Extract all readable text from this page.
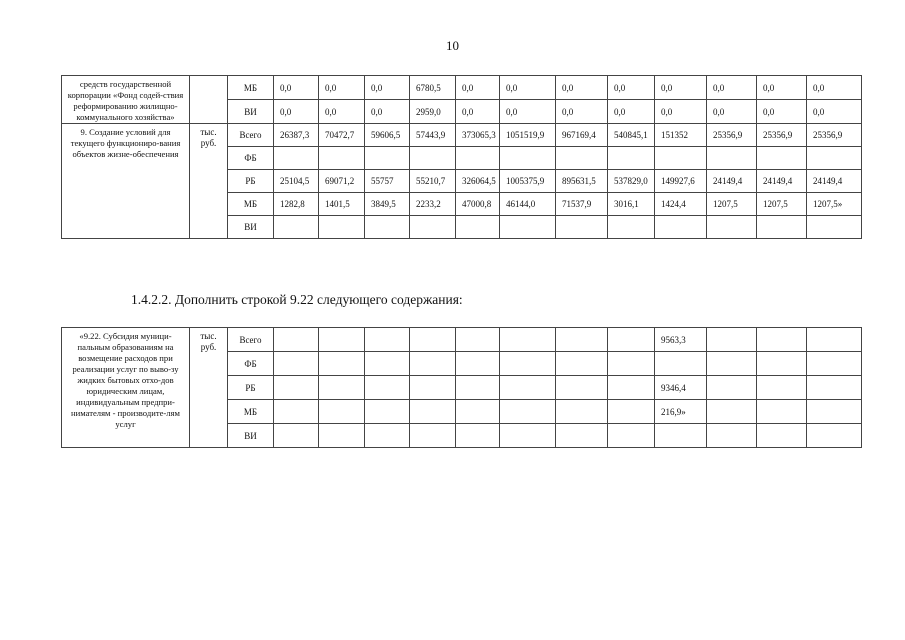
10
средств государственной корпорации «Фонд содей-ствия реформированию жилищно-коммунального хозяйства»		МБ	0,0	0,0	0,0	6780,5	0,0	0,0	0,0	0,0	0,0	0,0	0,0	0,0
		ВИ	0,0	0,0	0,0	2959,0	0,0	0,0	0,0	0,0	0,0	0,0	0,0	0,0
9. Создание условий для текущего функциониро-вания объектов жизне-обеспечения	тыс. руб.	Всего	26387,3	70472,7	59606,5	57443,9	373065,3	1051519,9	967169,4	540845,1	151352	25356,9	25356,9	25356,9
		ФБ												
		РБ	25104,5	69071,2	55757	55210,7	326064,5	1005375,9	895631,5	537829,0	149927,6	24149,4	24149,4	24149,4
		МБ	1282,8	1401,5	3849,5	2233,2	47000,8	46144,0	71537,9	3016,1	1424,4	1207,5	1207,5	1207,5»
		ВИ												
1.4.2.2. Дополнить строкой 9.22 следующего содержания:
«9.22. Субсидия муници-пальным образованиям на возмещение расходов при реализации услуг по выво-зу жидких бытовых отхо-дов юридическим лицам, индивидуальным предпри-нимателям - производите-лям услуг	тыс. руб.	Всего									9563,3			
		ФБ												
		РБ									9346,4			
		МБ									216,9»			
		ВИ												
